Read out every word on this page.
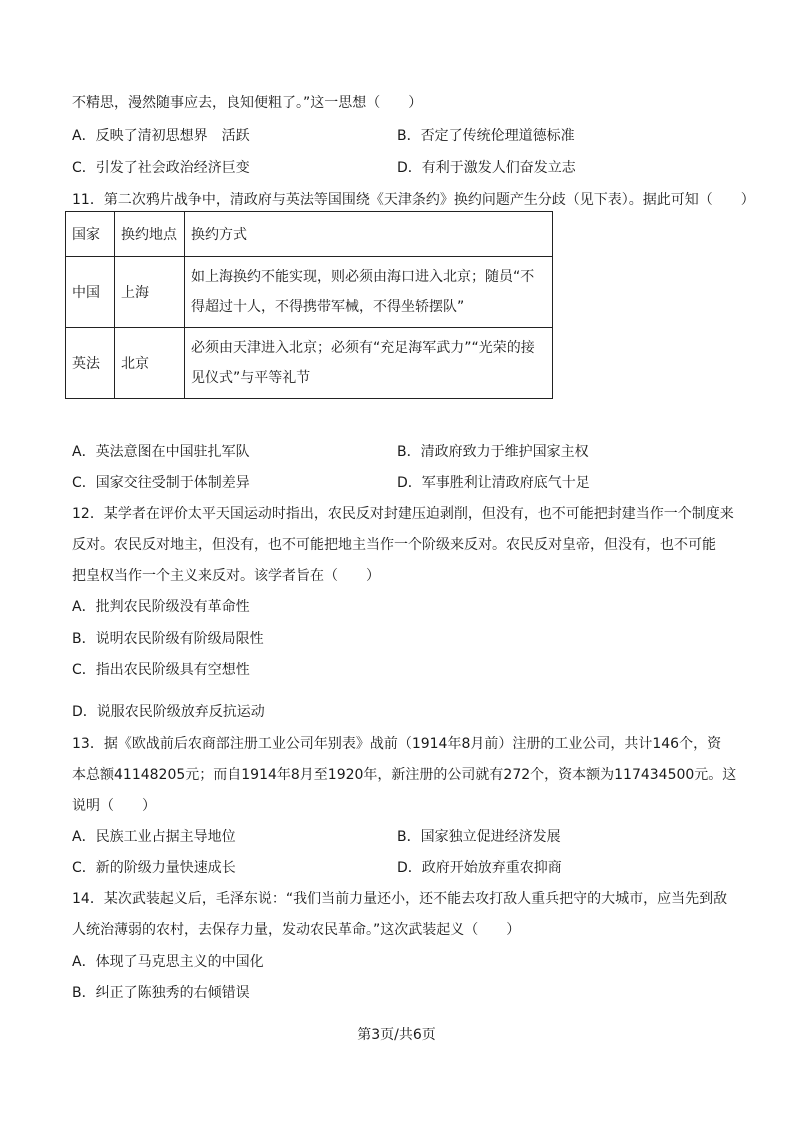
不精思，漫然随事应去，良知便粗了。”这一思想（　　）
A．反映了清初思想界　活跃	B．否定了传统伦理道德标准
C．引发了社会政治经济巨变	D．有利于激发人们奋发立志
11．第二次鸦片战争中，清政府与英法等国围绕《天津条约》换约问题产生分歧（见下表）。据此可知（　　）
国家	换约地点	换约方式
中国	上海	如上海换约不能实现，则必须由海口进入北京；随员“不得超过十人，不得携带军械，不得坐轿摆队”

英法	北京	必须由天津进入北京；必须有“充足海军武力”“光荣的接见仪式”与平等礼节
A．英法意图在中国驻扎军队	B．清政府致力于维护国家主权
C．国家交往受制于体制差异	D．军事胜利让清政府底气十足
12．某学者在评价太平天国运动时指出，农民反对封建压迫剥削，但没有，也不可能把封建当作一个制度来
反对。农民反对地主，但没有，也不可能把地主当作一个阶级来反对。农民反对皇帝，但没有，也不可能
把皇权当作一个主义来反对。该学者旨在（　　）
A．批判农民阶级没有革命性
B．说明农民阶级有阶级局限性
C．指出农民阶级具有空想性
D．说服农民阶级放弃反抗运动
13．据《欧战前后农商部注册工业公司年别表》战前（1914年8月前）注册的工业公司，共计146个，资
本总额41148205元；而自1914年8月至1920年，新注册的公司就有272个，资本额为117434500元。这
说明（　　）
A．民族工业占据主导地位	B．国家独立促进经济发展
C．新的阶级力量快速成长	D．政府开始放弃重农抑商
14．某次武装起义后，毛泽东说：“我们当前力量还小，还不能去攻打敌人重兵把守的大城市，应当先到敌
人统治薄弱的农村，去保存力量，发动农民革命。”这次武装起义（　　）
A．体现了马克思主义的中国化
B．纠正了陈独秀的右倾错误
第3页/共6页
